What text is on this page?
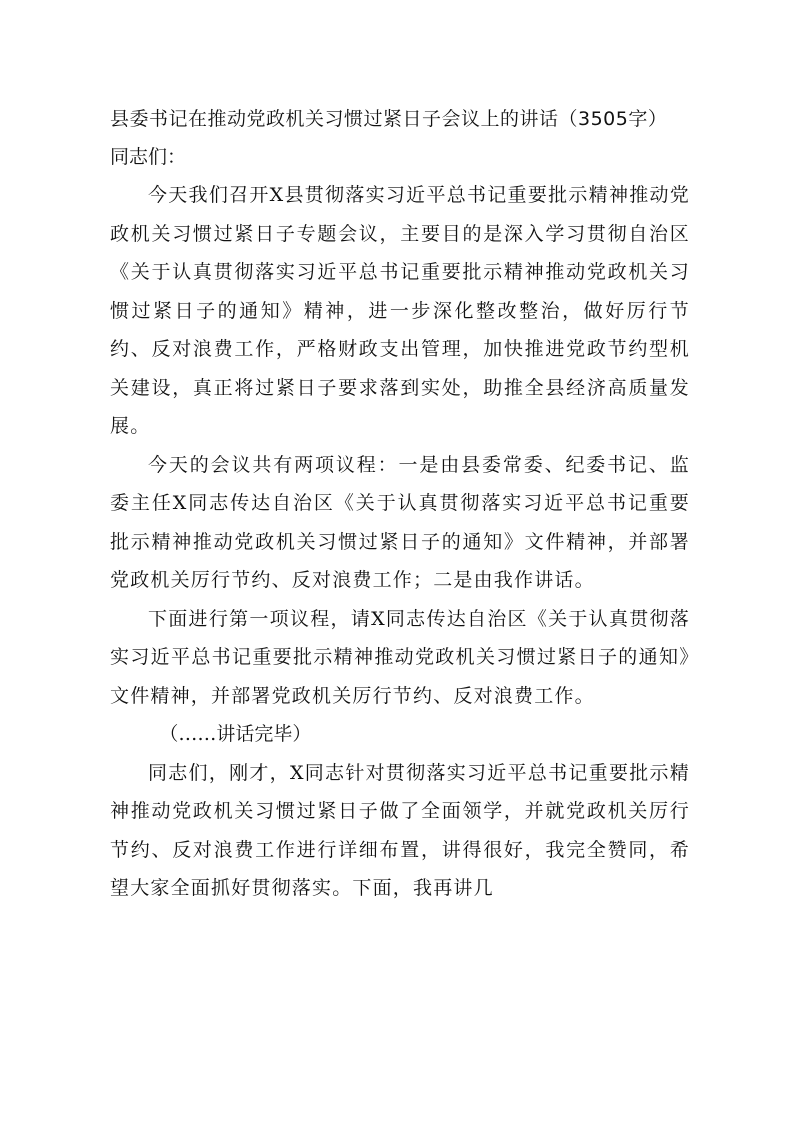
县委书记在推动党政机关习惯过紧日子会议上的讲话（3505字）

同志们：

今天我们召开X县贯彻落实习近平总书记重要批示精神推动党政机关习惯过紧日子专题会议，主要目的是深入学习贯彻自治区《关于认真贯彻落实习近平总书记重要批示精神推动党政机关习惯过紧日子的通知》精神，进一步深化整改整治，做好厉行节约、反对浪费工作，严格财政支出管理，加快推进党政节约型机关建设，真正将过紧日子要求落到实处，助推全县经济高质量发展。

今天的会议共有两项议程：一是由县委常委、纪委书记、监委主任X同志传达自治区《关于认真贯彻落实习近平总书记重要批示精神推动党政机关习惯过紧日子的通知》文件精神，并部署党政机关厉行节约、反对浪费工作；二是由我作讲话。

下面进行第一项议程，请X同志传达自治区《关于认真贯彻落实习近平总书记重要批示精神推动党政机关习惯过紧日子的通知》文件精神，并部署党政机关厉行节约、反对浪费工作。

（……讲话完毕）

同志们，刚才，X同志针对贯彻落实习近平总书记重要批示精神推动党政机关习惯过紧日子做了全面领学，并就党政机关厉行节约、反对浪费工作进行详细布置，讲得很好，我完全赞同，希望大家全面抓好贯彻落实。下面，我再讲几
